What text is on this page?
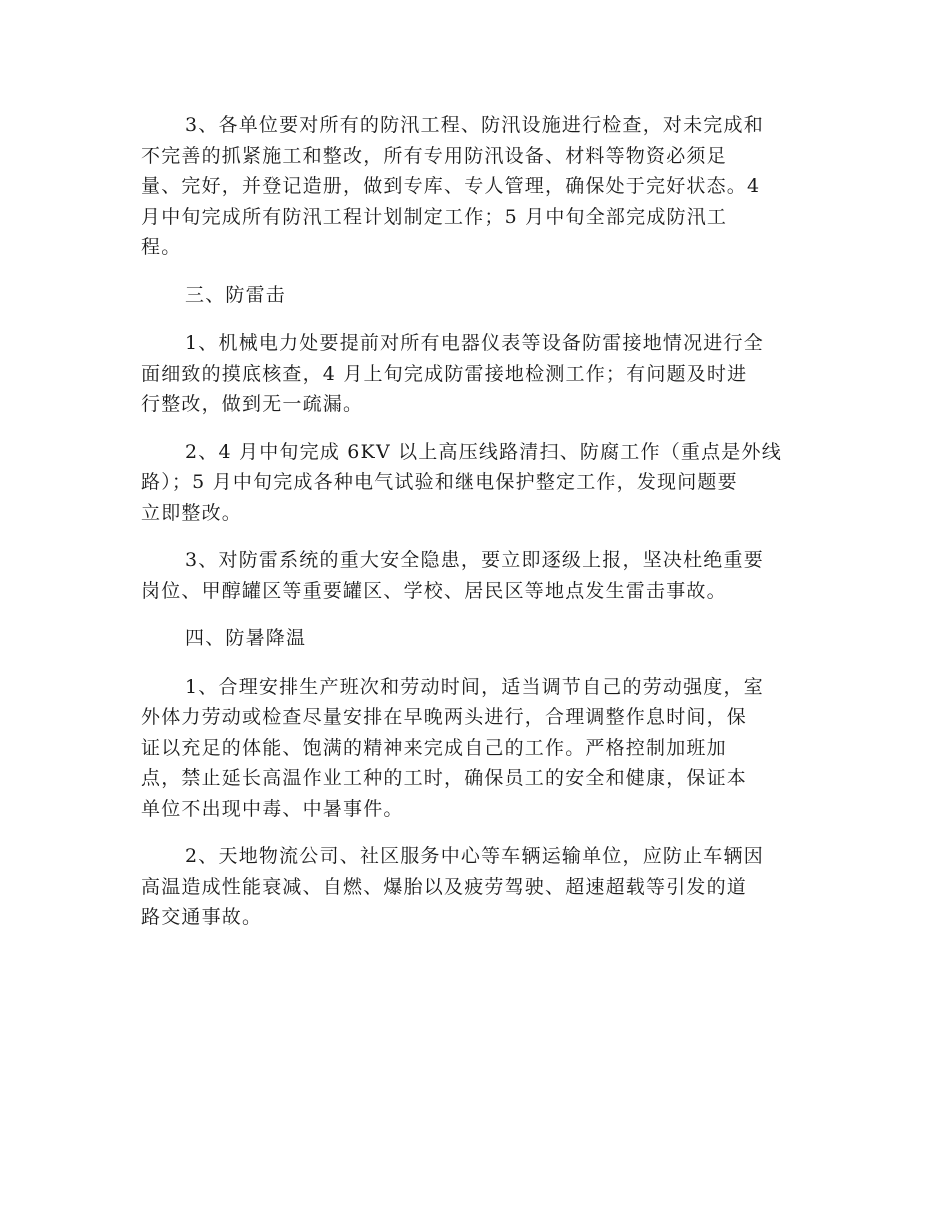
3、各单位要对所有的防汛工程、防汛设施进行检查，对未完成和
不完善的抓紧施工和整改，所有专用防汛设备、材料等物资必须足
量、完好，并登记造册，做到专库、专人管理，确保处于完好状态。4
月中旬完成所有防汛工程计划制定工作；5 月中旬全部完成防汛工
程。
三、防雷击
1、机械电力处要提前对所有电器仪表等设备防雷接地情况进行全
面细致的摸底核查，4 月上旬完成防雷接地检测工作；有问题及时进
行整改，做到无一疏漏。
2、4 月中旬完成 6KV 以上高压线路清扫、防腐工作（重点是外线
路）；5 月中旬完成各种电气试验和继电保护整定工作，发现问题要
立即整改。
3、对防雷系统的重大安全隐患，要立即逐级上报，坚决杜绝重要
岗位、甲醇罐区等重要罐区、学校、居民区等地点发生雷击事故。
四、防暑降温
1、合理安排生产班次和劳动时间，适当调节自己的劳动强度，室
外体力劳动或检查尽量安排在早晚两头进行，合理调整作息时间，保
证以充足的体能、饱满的精神来完成自己的工作。严格控制加班加
点，禁止延长高温作业工种的工时，确保员工的安全和健康，保证本
单位不出现中毒、中暑事件。
2、天地物流公司、社区服务中心等车辆运输单位，应防止车辆因
高温造成性能衰减、自燃、爆胎以及疲劳驾驶、超速超载等引发的道
路交通事故。
